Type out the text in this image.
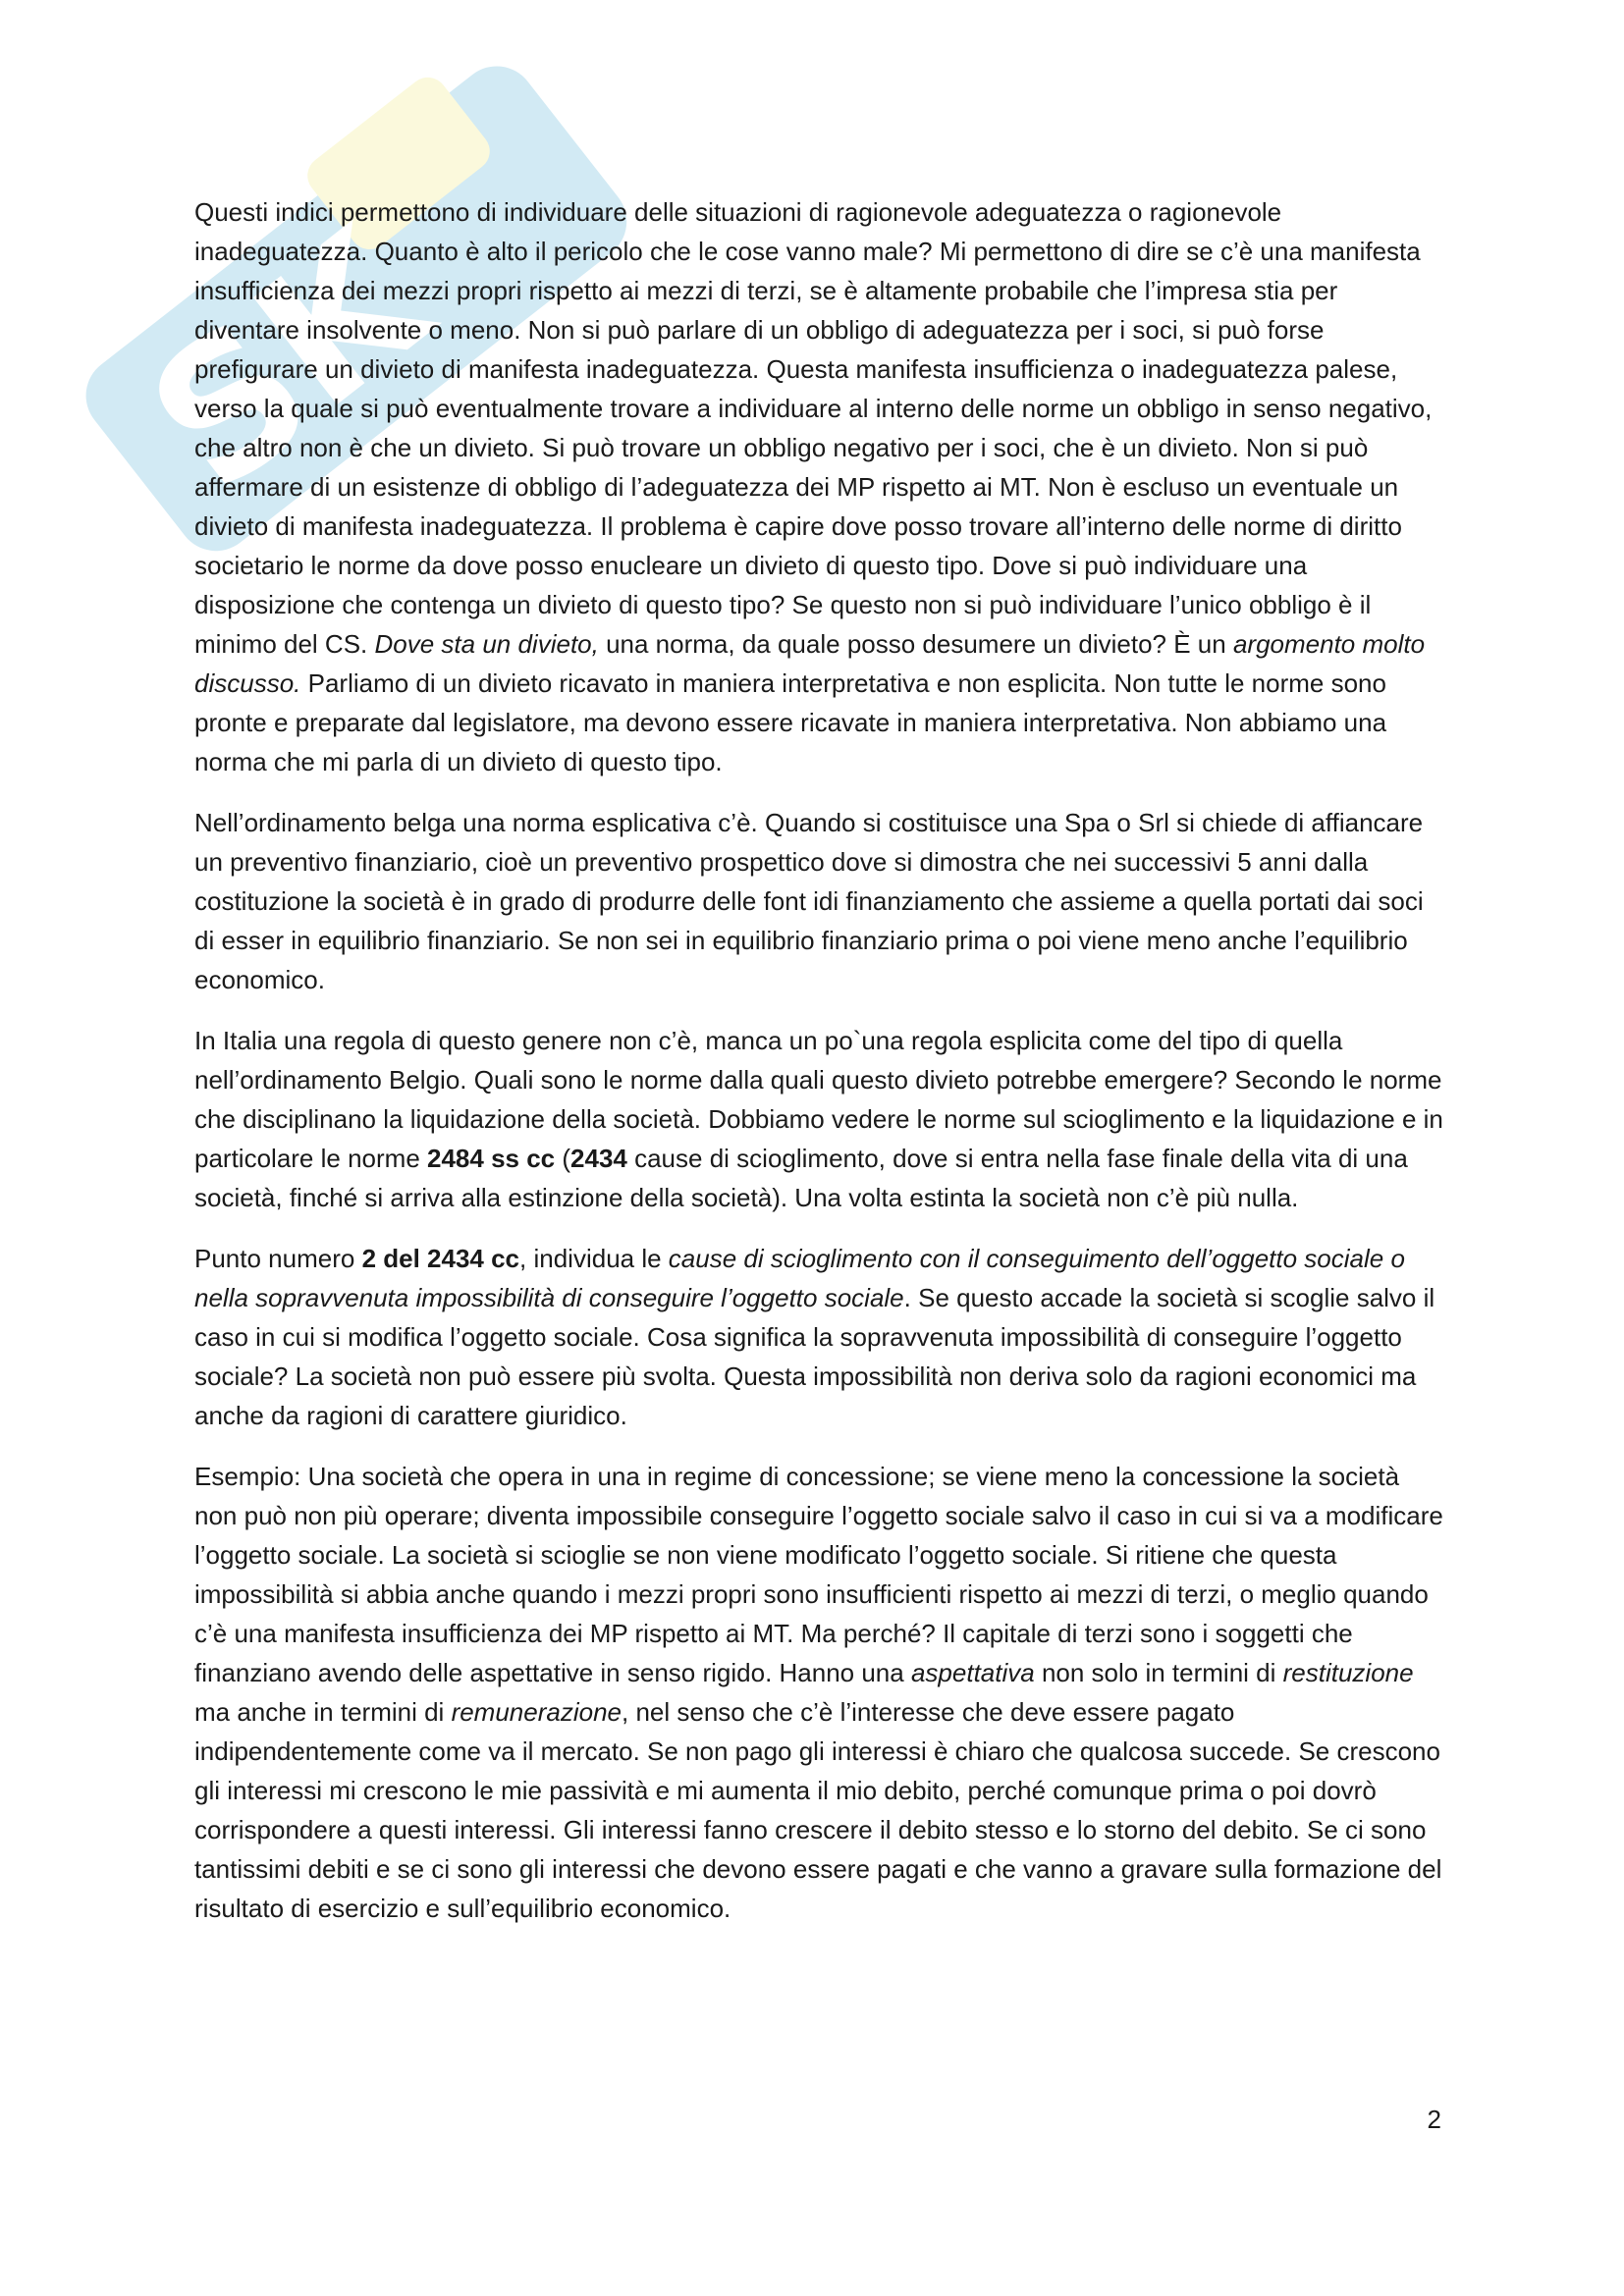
SK

Questi indici permettono di individuare delle situazioni di ragionevole adeguatezza o ragionevole inadeguatezza. Quanto è alto il pericolo che le cose vanno male? Mi permettono di dire se c’è una manifesta insufficienza dei mezzi propri rispetto ai mezzi di terzi, se è altamente probabile che l’impresa stia per diventare insolvente o meno. Non si può parlare di un obbligo di adeguatezza per i soci, si può forse prefigurare un divieto di manifesta inadeguatezza. Questa manifesta insufficienza o inadeguatezza palese, verso la quale si può eventualmente trovare a individuare al interno delle norme un obbligo in senso negativo, che altro non è che un divieto. Si può trovare un obbligo negativo per i soci, che è un divieto. Non si può affermare di un esistenze di obbligo di l’adeguatezza dei MP rispetto ai MT. Non è escluso un eventuale un divieto di manifesta inadeguatezza. Il problema è capire dove posso trovare all’interno delle norme di diritto societario le norme da dove posso enucleare un divieto di questo tipo. Dove si può individuare una disposizione che contenga un divieto di questo tipo? Se questo non si può individuare l’unico obbligo è il minimo del CS. Dove sta un divieto, una norma, da quale posso desumere un divieto? È un argomento molto discusso. Parliamo di un divieto ricavato in maniera interpretativa e non esplicita. Non tutte le norme sono pronte e preparate dal legislatore, ma devono essere ricavate in maniera interpretativa. Non abbiamo una norma che mi parla di un divieto di questo tipo.

Nell’ordinamento belga una norma esplicativa c’è. Quando si costituisce una Spa o Srl si chiede di affiancare un preventivo finanziario, cioè un preventivo prospettico dove si dimostra che nei successivi 5 anni dalla costituzione la società è in grado di produrre delle font idi finanziamento che assieme a quella portati dai soci di esser in equilibrio finanziario. Se non sei in equilibrio finanziario prima o poi viene meno anche l’equilibrio economico.

In Italia una regola di questo genere non c’è, manca un po`una regola esplicita come del tipo di quella nell’ordinamento Belgio. Quali sono le norme dalla quali questo divieto potrebbe emergere? Secondo le norme che disciplinano la liquidazione della società. Dobbiamo vedere le norme sul scioglimento e la liquidazione e in particolare le norme 2484 ss cc (2434 cause di scioglimento, dove si entra nella fase finale della vita di una società, finché si arriva alla estinzione della società). Una volta estinta la società non c’è più nulla.

Punto numero 2 del 2434 cc, individua le cause di scioglimento con il conseguimento dell’oggetto sociale o nella sopravvenuta impossibilità di conseguire l’oggetto sociale. Se questo accade la società si scoglie salvo il caso in cui si modifica l’oggetto sociale. Cosa significa la sopravvenuta impossibilità di conseguire l’oggetto sociale? La società non può essere più svolta. Questa impossibilità non deriva solo da ragioni economici ma anche da ragioni di carattere giuridico.

Esempio: Una società che opera in una in regime di concessione; se viene meno la concessione la società non può non più operare; diventa impossibile conseguire l’oggetto sociale salvo il caso in cui si va a modificare l’oggetto sociale. La società si scioglie se non viene modificato l’oggetto sociale. Si ritiene che questa impossibilità si abbia anche quando i mezzi propri sono insufficienti rispetto ai mezzi di terzi, o meglio quando c’è una manifesta insufficienza dei MP rispetto ai MT. Ma perché? Il capitale di terzi sono i soggetti che finanziano avendo delle aspettative in senso rigido. Hanno una aspettativa non solo in termini di restituzione ma anche in termini di remunerazione, nel senso che c’è l’interesse che deve essere pagato indipendentemente come va il mercato. Se non pago gli interessi è chiaro che qualcosa succede. Se crescono gli interessi mi crescono le mie passività e mi aumenta il mio debito, perché comunque prima o poi dovrò corrispondere a questi interessi. Gli interessi fanno crescere il debito stesso e lo storno del debito. Se ci sono tantissimi debiti e se ci sono gli interessi che devono essere pagati e che vanno a gravare sulla formazione del risultato di esercizio e sull’equilibrio economico.

2
